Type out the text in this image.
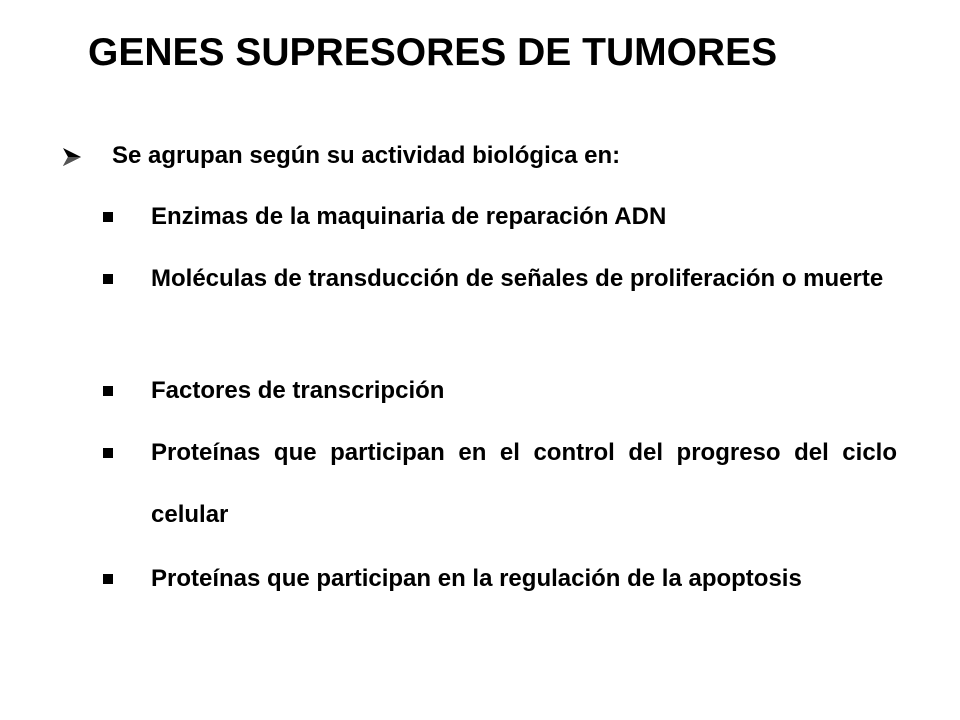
GENES SUPRESORES DE TUMORES
Se agrupan según su actividad biológica en:
Enzimas de la maquinaria de reparación ADN
Moléculas de transducción de señales de proliferación o muerte
Factores de transcripción
Proteínas que participan en el control del progreso del ciclo celular
Proteínas que participan en la regulación de la apoptosis
